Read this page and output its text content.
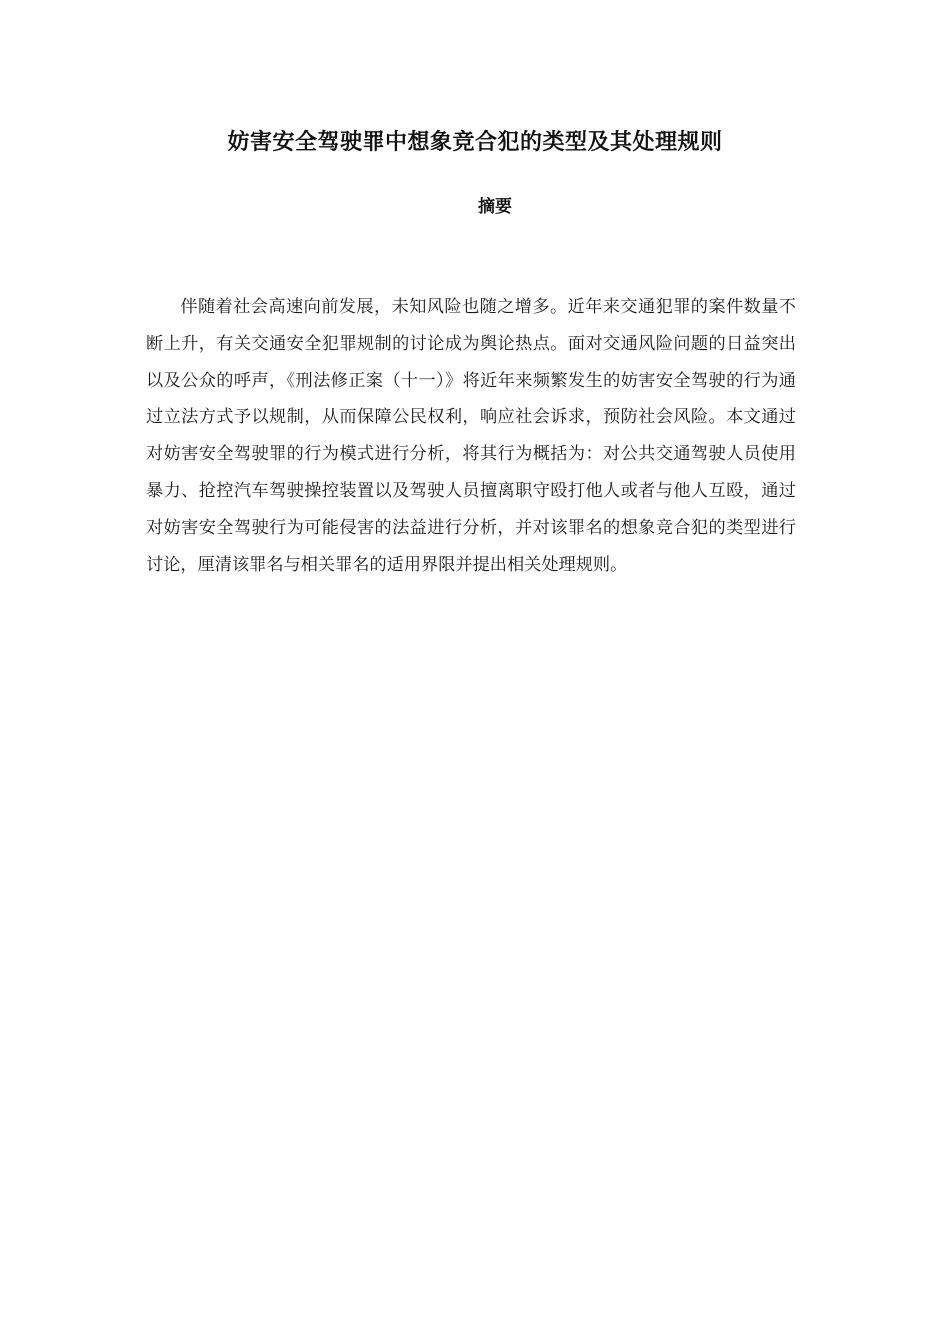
妨害安全驾驶罪中想象竞合犯的类型及其处理规则
摘要

伴随着社会高速向前发展，未知风险也随之增多。近年来交通犯罪的案件数量不断上升，有关交通安全犯罪规制的讨论成为舆论热点。面对交通风险问题的日益突出以及公众的呼声，《刑法修正案（十一）》将近年来频繁发生的妨害安全驾驶的行为通过立法方式予以规制，从而保障公民权利，响应社会诉求，预防社会风险。本文通过对妨害安全驾驶罪的行为模式进行分析，将其行为概括为：对公共交通驾驶人员使用暴力、抢控汽车驾驶操控装置以及驾驶人员擅离职守殴打他人或者与他人互殴，通过对妨害安全驾驶行为可能侵害的法益进行分析，并对该罪名的想象竞合犯的类型进行讨论，厘清该罪名与相关罪名的适用界限并提出相关处理规则。
